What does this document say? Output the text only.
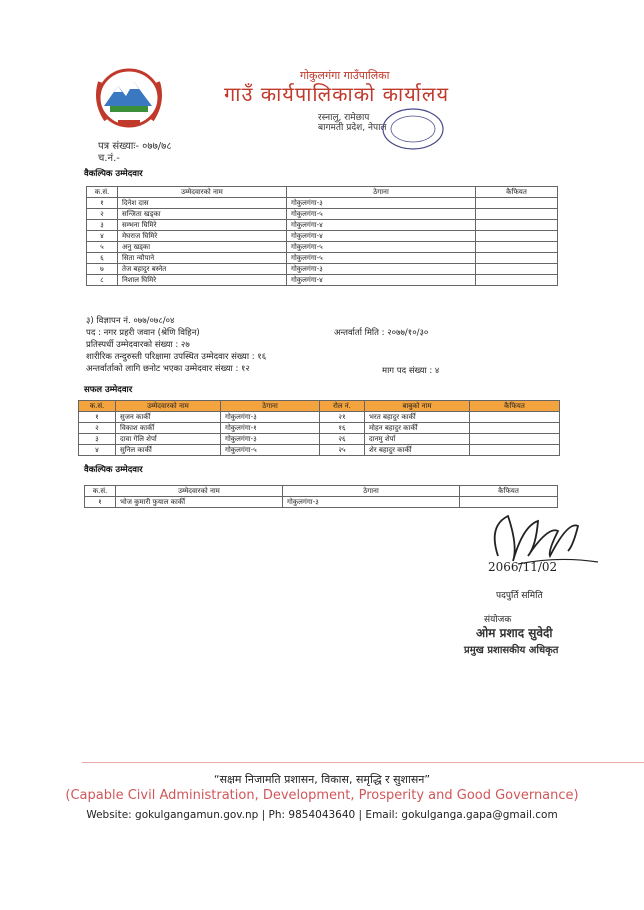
गोकुलगंगा गाउँपालिका
गाउँ कार्यपालिकाको कार्यालय
रस्नालु, रामेछाप
बागमती प्रदेश, नेपाल
पत्र संख्याः- ०७७/७८
च.नं.-
वैकल्पिक उम्मेदवार
क.सं.	उम्मेदवारको नाम	ठेगाना	कैफियत
१	दिनेश दास	गोकुलगंगा-३	
२	सन्जिता खड्का	गोकुलगंगा-५	
३	सम्भना घिमिरे	गोकुलगंगा-४	
४	मेघराज घिमिरे	गोकुलगंगा-४	
५	अनु खड्का	गोकुलगंगा-५	
६	सिता न्यौपाने	गोकुलगंगा-५	
७	तेज बहादुर बस्नेत	गोकुलगंगा-३	
८	निशाल घिमिरे	गोकुलगंगा-४	
३) विज्ञापन नं. ०७७/०७८/०४
पद : नगर प्रहरी जवान (श्रेणि विहिन)	अन्तर्वार्ता मिति : २०७७/१०/३०
प्रतिस्पर्धी उम्मेदवारको संख्या : २७
शारीरिक तन्दुरुस्ती परिक्षामा उपस्थित उम्मेदवार संख्या : १६
अन्तर्वार्ताको लागि छनोट भएका उम्मेदवार संख्या : १२	माग पद संख्या : ४
सफल उम्मेदवार
क.सं.	उम्मेदवारको नाम	ठेगाना	रोल नं.	बाबुको नाम	कैफियत
१	सुजन कार्की	गोकुलगंगा-३	२१	भरत बहादुर कार्की	
२	विकाश कार्की	गोकुलगंगा-१	१६	मोहन बहादुर कार्की	
३	दावा गेलि शेर्पा	गोकुलगंगा-३	२६	दानमु शेर्पा	
४	सुनिल कार्की	गोकुलगंगा-५	२५	शेर बहादुर कार्की	
वैकल्पिक उम्मेदवार
क.सं.	उम्मेदवारको नाम	ठेगाना	कैफियत
१	भोज कुमारी फुयाल कार्की	गोकुलगंगा-३	
2066/11/02
पदपुर्ति समिति
संयोजक
ओम प्रशाद सुवेदी
प्रमुख प्रशासकीय अधिकृत
“सक्षम निजामति प्रशासन, विकास, समृद्धि र सुशासन”
(Capable Civil Administration, Development, Prosperity and Good Governance)
Website: gokulgangamun.gov.np | Ph: 9854043640 | Email: gokulganga.gapa@gmail.com
